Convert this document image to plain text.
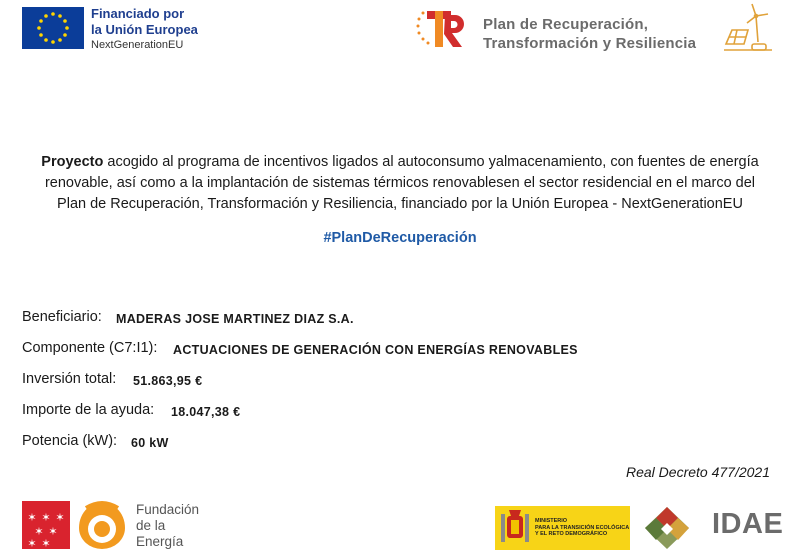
Financiado por
la Unión Europea
NextGenerationEU
Plan de Recuperación,
Transformación y Resiliencia
Proyecto acogido al programa de incentivos ligados al autoconsumo yalmacenamiento, con fuentes de energía
renovable, así como a la implantación de sistemas térmicos renovablesen el sector residencial en el marco del
Plan de Recuperación, Transformación y Resiliencia, financiado por la Unión Europea - NextGenerationEU
#PlanDeRecuperación
Beneficiario: MADERAS JOSE MARTINEZ DIAZ S.A.
Componente (C7:I1): ACTUACIONES DE GENERACIÓN CON ENERGÍAS RENOVABLES
Inversión total: 51.863,95 €
Importe de la ayuda: 18.047,38 €
Potencia (kW): 60 kW
Real Decreto 477/2021
✶ ✶ ✶
✶ ✶
✶ ✶
Fundación
de la
Energía
MINISTERIO
PARA LA TRANSICIÓN ECOLÓGICA
Y EL RETO DEMOGRÁFICO	IDAE
